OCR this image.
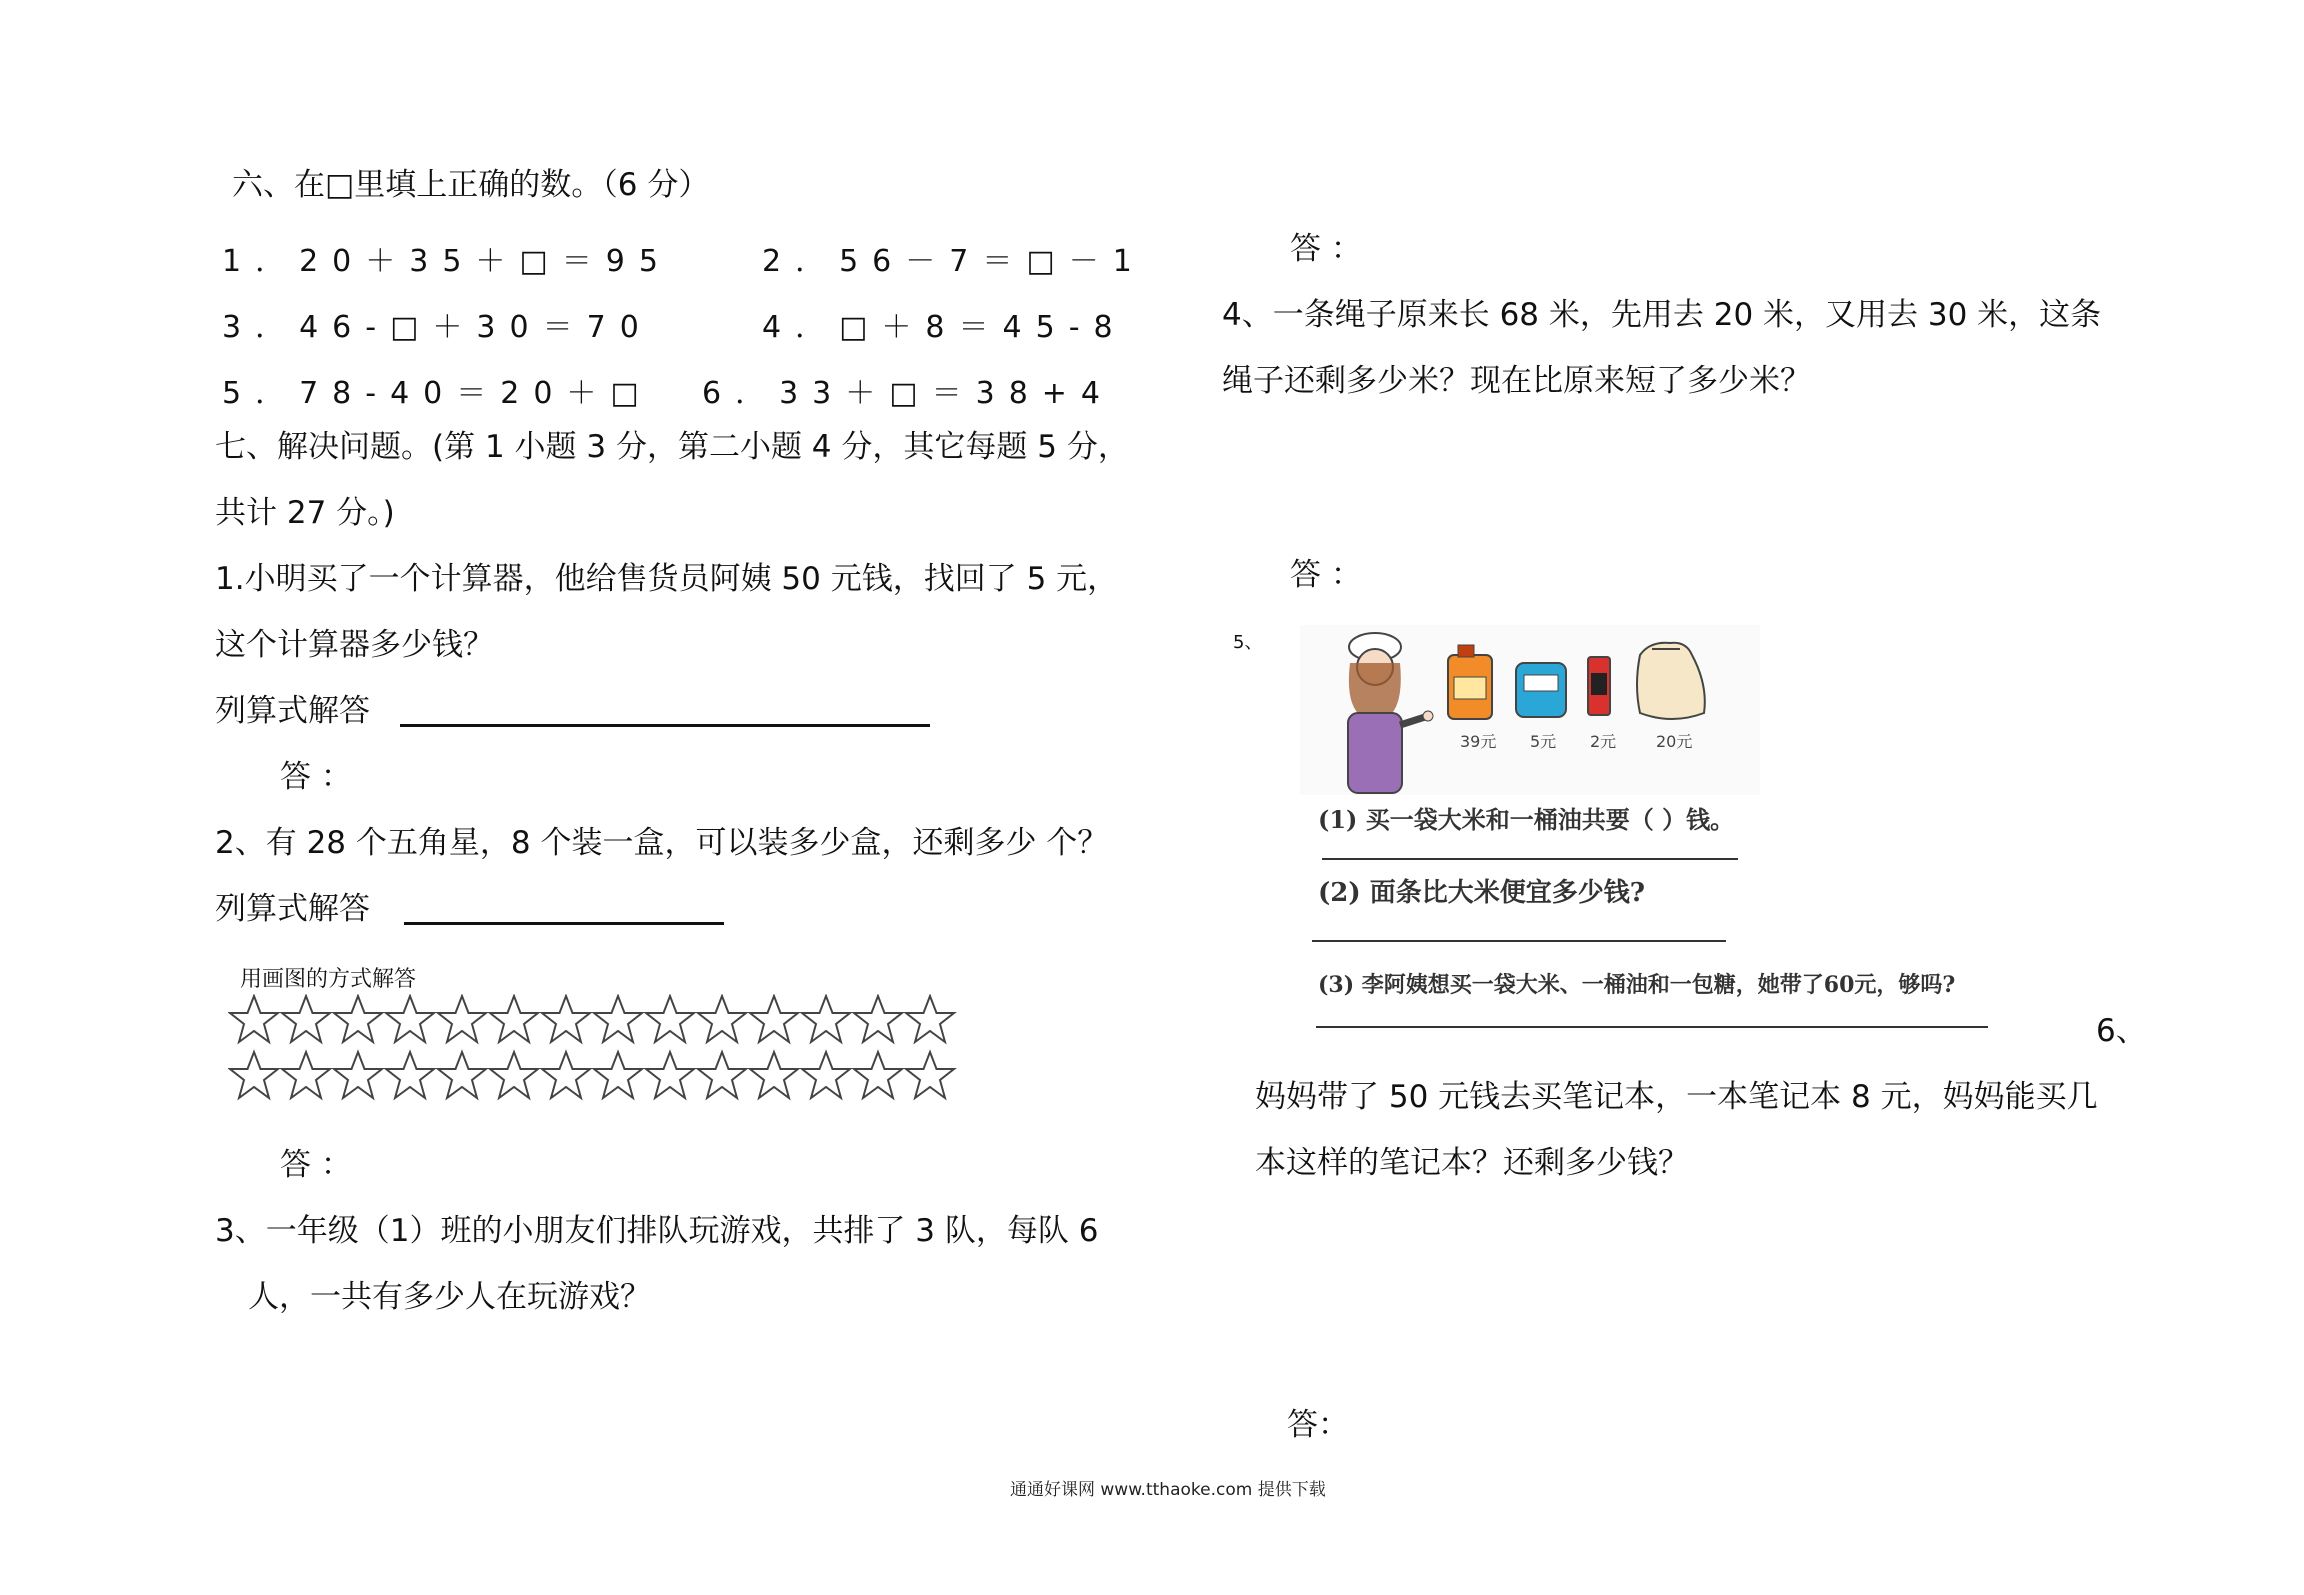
六、在□里填上正确的数。（6 分）
1．20＋35＋□＝95	2．56－7＝□－1
3．46-□＋30＝70	4．□＋8＝45-8
5．78-40＝20＋□ 6．33＋□＝38+4
七、解决问题。(第 1 小题 3 分，第二小题 4 分，其它每题 5 分，
共计 27 分。)
1.小明买了一个计算器，他给售货员阿姨 50 元钱，找回了 5 元，
这个计算器多少钱？
列算式解答
答 ：
2、有 28 个五角星，8 个装一盒，可以装多少盒，还剩多少 个？
列算式解答
用画图的方式解答
答 ：
3、一年级（1）班的小朋友们排队玩游戏，共排了 3 队，每队 6
人，一共有多少人在玩游戏？
答 ：
4、一条绳子原来长 68 米，先用去 20 米，又用去 30 米，这条
绳子还剩多少米？现在比原来短了多少米？
答 ：
5、
39元 5元 2元 20元
(1) 买一袋大米和一桶油共要（ ）钱。
(2) 面条比大米便宜多少钱?
(3) 李阿姨想买一袋大米、一桶油和一包糖，她带了60元，够吗?
6、
妈妈带了 50 元钱去买笔记本，一本笔记本 8 元，妈妈能买几
本这样的笔记本？还剩多少钱？
答：
通通好课网 www.tthaoke.com 提供下载
